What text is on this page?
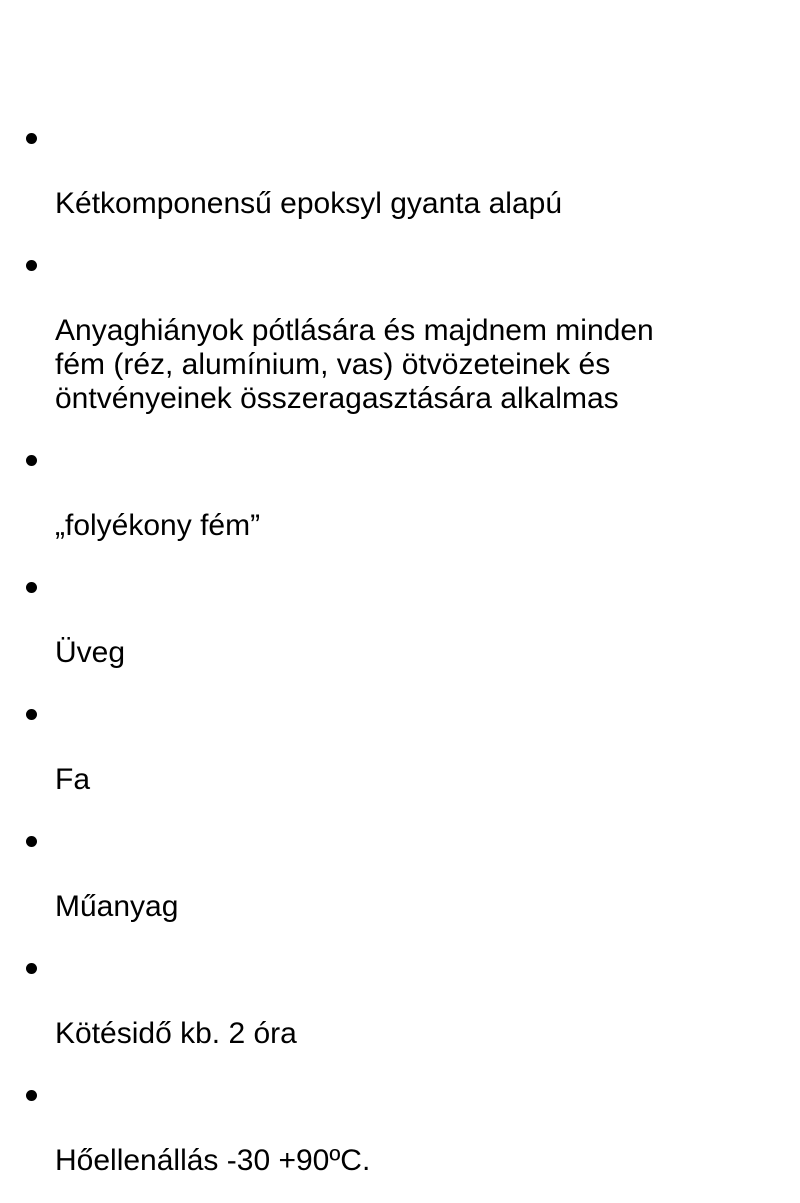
Kétkomponensű epoksyl gyanta alapú

Anyaghiányok pótlására és majdnem minden
fém (réz, alumínium, vas) ötvözeteinek és
öntvényeinek összeragasztására alkalmas

„folyékony fém”

Üveg

Fa

Műanyag

Kötésidő kb. 2 óra

Hőellenállás -30 +90ºC.
